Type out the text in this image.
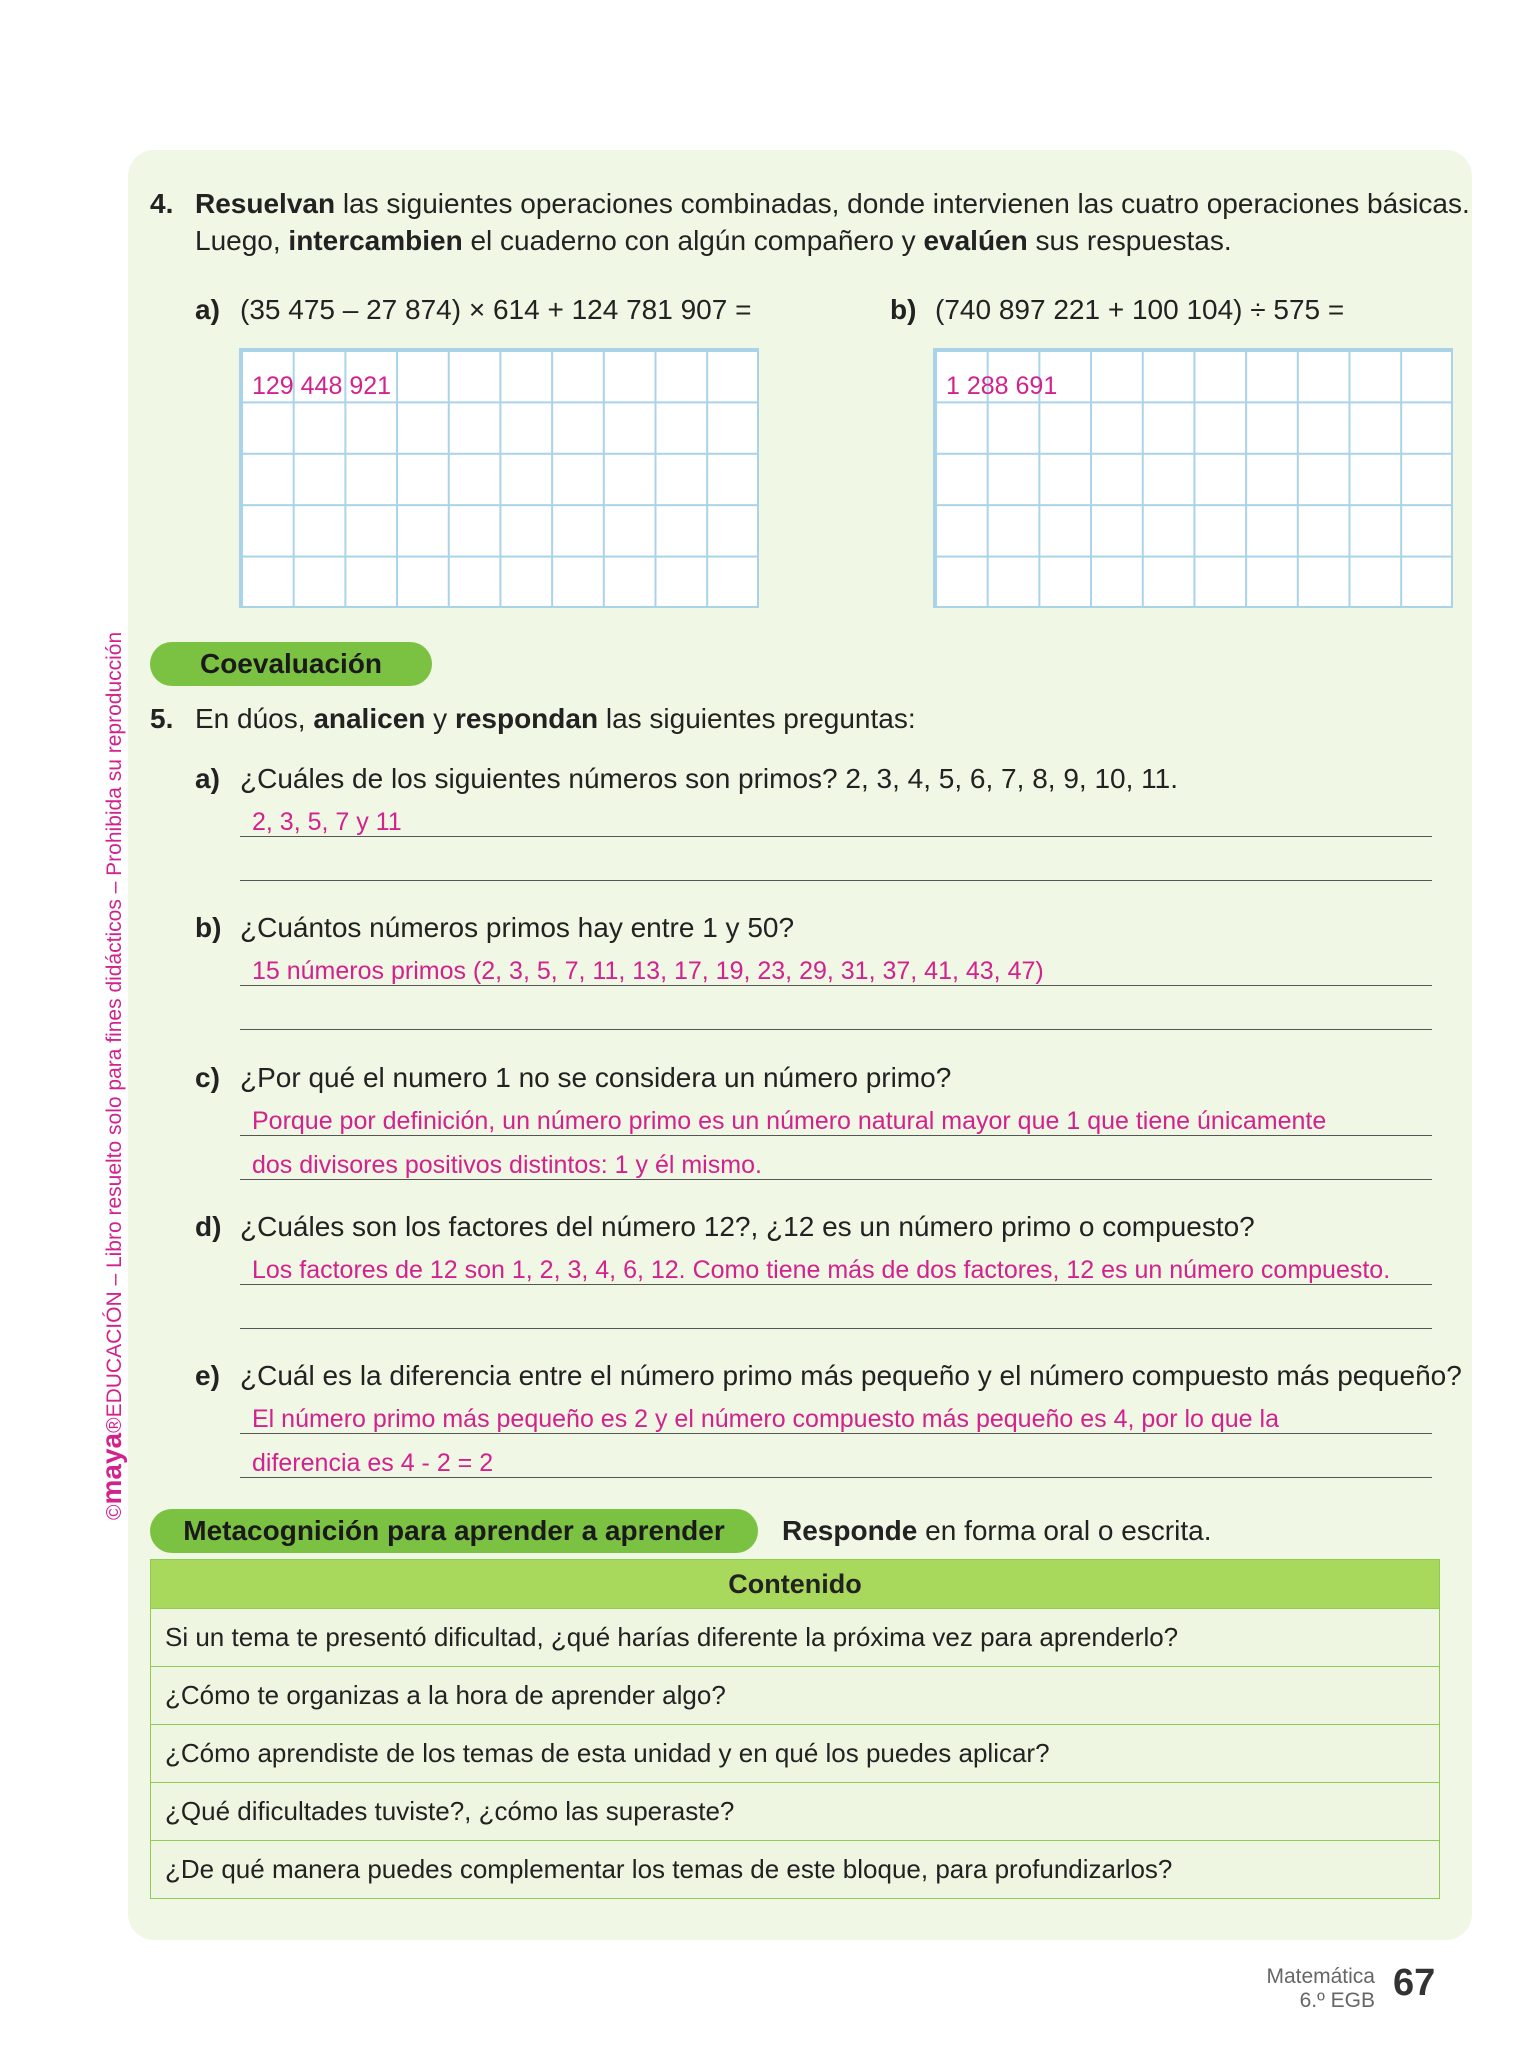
©maya®EDUCACIÓN – Libro resuelto solo para fines didácticos – Prohibida su reproducción
4. Resuelvan las siguientes operaciones combinadas, donde intervienen las cuatro operaciones básicas.
Luego, intercambien el cuaderno con algún compañero y evalúen sus respuestas.
a) (35 475 – 27 874) × 614 + 124 781 907 =	b) (740 897 221 + 100 104) ÷ 575 =
129 448 921	1 288 691
Coevaluación
5. En dúos, analicen y respondan las siguientes preguntas:
a) ¿Cuáles de los siguientes números son primos? 2, 3, 4, 5, 6, 7, 8, 9, 10, 11.
2, 3, 5, 7 y 11
b) ¿Cuántos números primos hay entre 1 y 50?
15 números primos (2, 3, 5, 7, 11, 13, 17, 19, 23, 29, 31, 37, 41, 43, 47)
c) ¿Por qué el numero 1 no se considera un número primo?
Porque por definición, un número primo es un número natural mayor que 1 que tiene únicamente
dos divisores positivos distintos: 1 y él mismo.
d) ¿Cuáles son los factores del número 12?, ¿12 es un número primo o compuesto?
Los factores de 12 son 1, 2, 3, 4, 6, 12. Como tiene más de dos factores, 12 es un número compuesto.
e) ¿Cuál es la diferencia entre el número primo más pequeño y el número compuesto más pequeño?
El número primo más pequeño es 2 y el número compuesto más pequeño es 4, por lo que la
diferencia es 4 - 2 = 2
Metacognición para aprender a aprender	Responde en forma oral o escrita.
Contenido
Si un tema te presentó dificultad, ¿qué harías diferente la próxima vez para aprenderlo?
¿Cómo te organizas a la hora de aprender algo?
¿Cómo aprendiste de los temas de esta unidad y en qué los puedes aplicar?
¿Qué dificultades tuviste?, ¿cómo las superaste?
¿De qué manera puedes complementar los temas de este bloque, para profundizarlos?
Matemática
6.º EGB 67
